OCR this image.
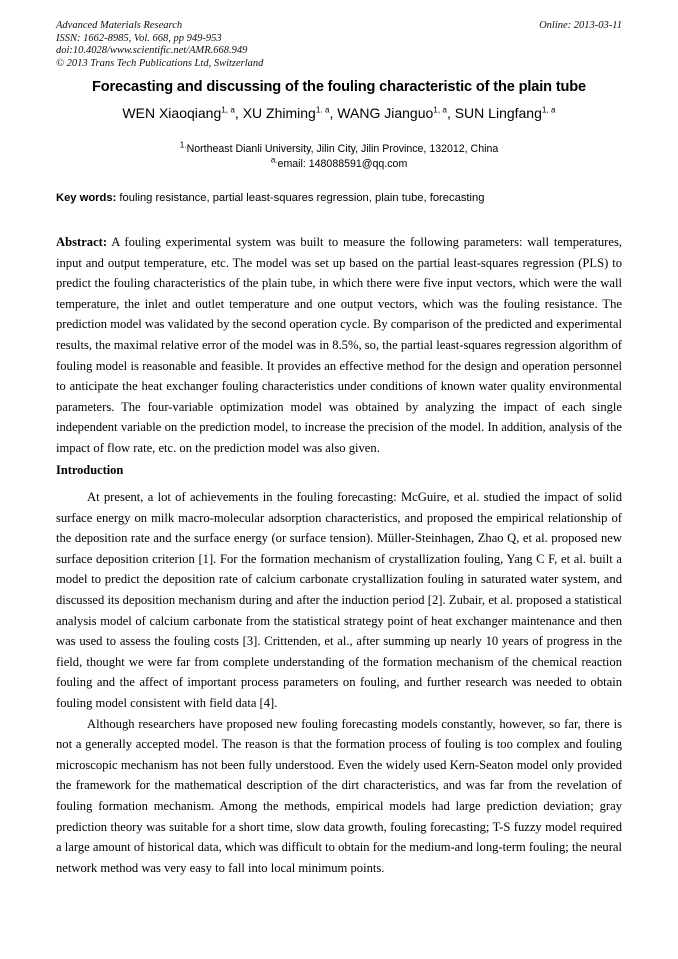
Advanced Materials Research	Online: 2013-03-11
ISSN: 1662-8985, Vol. 668, pp 949-953
doi:10.4028/www.scientific.net/AMR.668.949
© 2013 Trans Tech Publications Ltd, Switzerland
Forecasting and discussing of the fouling characteristic of the plain tube
WEN Xiaoqiang$^{1, a}$, XU Zhiming$^{1. a}$, WANG Jianguo$^{1, a}$, SUN Lingfang$^{1, a}$
$^{1.}$Northeast Dianli University, Jilin City, Jilin Province, 132012, China
$^{a.}$email: 148088591@qq.com
Key words: fouling resistance, partial least-squares regression, plain tube, forecasting
Abstract: A fouling experimental system was built to measure the following parameters: wall temperatures, input and output temperature, etc. The model was set up based on the partial least-squares regression (PLS) to predict the fouling characteristics of the plain tube, in which there were five input vectors, which were the wall temperature, the inlet and outlet temperature and one output vectors, which was the fouling resistance. The prediction model was validated by the second operation cycle. By comparison of the predicted and experimental results, the maximal relative error of the model was in 8.5%, so, the partial least-squares regression algorithm of fouling model is reasonable and feasible. It provides an effective method for the design and operation personnel to anticipate the heat exchanger fouling characteristics under conditions of known water quality environmental parameters. The four-variable optimization model was obtained by analyzing the impact of each single independent variable on the prediction model, to increase the precision of the model. In addition, analysis of the impact of flow rate, etc. on the prediction model was also given.
Introduction

At present, a lot of achievements in the fouling forecasting: McGuire, et al. studied the impact of solid surface energy on milk macro-molecular adsorption characteristics, and proposed the empirical relationship of the deposition rate and the surface energy (or surface tension). Müller-Steinhagen, Zhao Q, et al. proposed new surface deposition criterion [1]. For the formation mechanism of crystallization fouling, Yang C F, et al. built a model to predict the deposition rate of calcium carbonate crystallization fouling in saturated water system, and discussed its deposition mechanism during and after the induction period [2]. Zubair, et al. proposed a statistical analysis model of calcium carbonate from the statistical strategy point of heat exchanger maintenance and then was used to assess the fouling costs [3]. Crittenden, et al., after summing up nearly 10 years of progress in the field, thought we were far from complete understanding of the formation mechanism of the chemical reaction fouling and the affect of important process parameters on fouling, and further research was needed to obtain fouling model consistent with field data [4].

Although researchers have proposed new fouling forecasting models constantly, however, so far, there is not a generally accepted model. The reason is that the formation process of fouling is too complex and fouling microscopic mechanism has not been fully understood. Even the widely used Kern-Seaton model only provided the framework for the mathematical description of the dirt characteristics, and was far from the revelation of fouling formation mechanism. Among the methods, empirical models had large prediction deviation; gray prediction theory was suitable for a short time, slow data growth, fouling forecasting; T-S fuzzy model required a large amount of historical data, which was difficult to obtain for the medium-and long-term fouling; the neural network method was very easy to fall into local minimum points.
